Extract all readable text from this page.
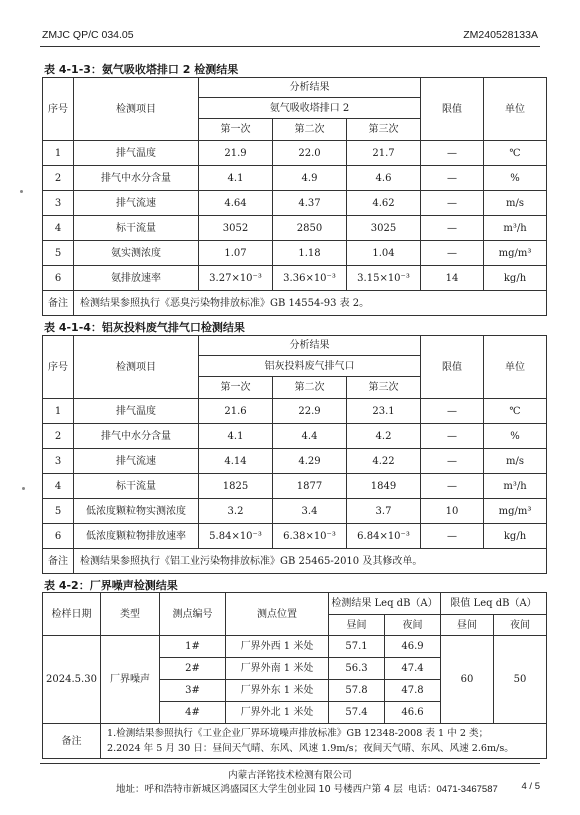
ZMJC QP/C 034.05	ZM240528133A
表 4-1-3：氨气吸收塔排口 2 检测结果
序号	检测项目	分析结果			限值	单位
		氨气吸收塔排口 2				
		第一次	第二次	第三次		
1	排气温度	21.9	22.0	21.7	—	℃
2	排气中水分含量	4.1	4.9	4.6	—	%
3	排气流速	4.64	4.37	4.62	—	m/s
4	标干流量	3052	2850	3025	—	m³/h
5	氨实测浓度	1.07	1.18	1.04	—	mg/m³
6	氨排放速率	3.27×10⁻³	3.36×10⁻³	3.15×10⁻³	14	kg/h
备注	检测结果参照执行《恶臭污染物排放标准》GB 14554-93 表 2。					
表 4-1-4：铝灰投料废气排气口检测结果
序号	检测项目	分析结果			限值	单位
		铝灰投料废气排气口				
		第一次	第二次	第三次		
1	排气温度	21.6	22.9	23.1	—	℃
2	排气中水分含量	4.1	4.4	4.2	—	%
3	排气流速	4.14	4.29	4.22	—	m/s
4	标干流量	1825	1877	1849	—	m³/h
5	低浓度颗粒物实测浓度	3.2	3.4	3.7	10	mg/m³
6	低浓度颗粒物排放速率	5.84×10⁻³	6.38×10⁻³	6.84×10⁻³	—	kg/h
备注	检测结果参照执行《铝工业污染物排放标准》GB 25465-2010 及其修改单。					
表 4-2：厂界噪声检测结果
检样日期	类型	测点编号	测点位置	检测结果 Leq dB（A）		限值 Leq dB（A）	
				昼间	夜间	昼间	夜间
2024.5.30	厂界噪声	1#	厂界外西 1 米处	57.1	46.9	60	50
		2#	厂界外南 1 米处	56.3	47.4		
		3#	厂界外东 1 米处	57.8	47.8		
		4#	厂界外北 1 米处	57.4	46.6		
备注	1.检测结果参照执行《工业企业厂界环境噪声排放标准》GB 12348-2008 表 1 中 2 类；
2.2024 年 5 月 30 日：昼间天气晴、东风、风速 1.9m/s；夜间天气晴、东风、风速 2.6m/s。						
内蒙古泽铭技术检测有限公司
地址：呼和浩特市新城区鸿盛园区大学生创业园 10 号楼西户第 4 层 电话：0471-3467587 4 / 5
